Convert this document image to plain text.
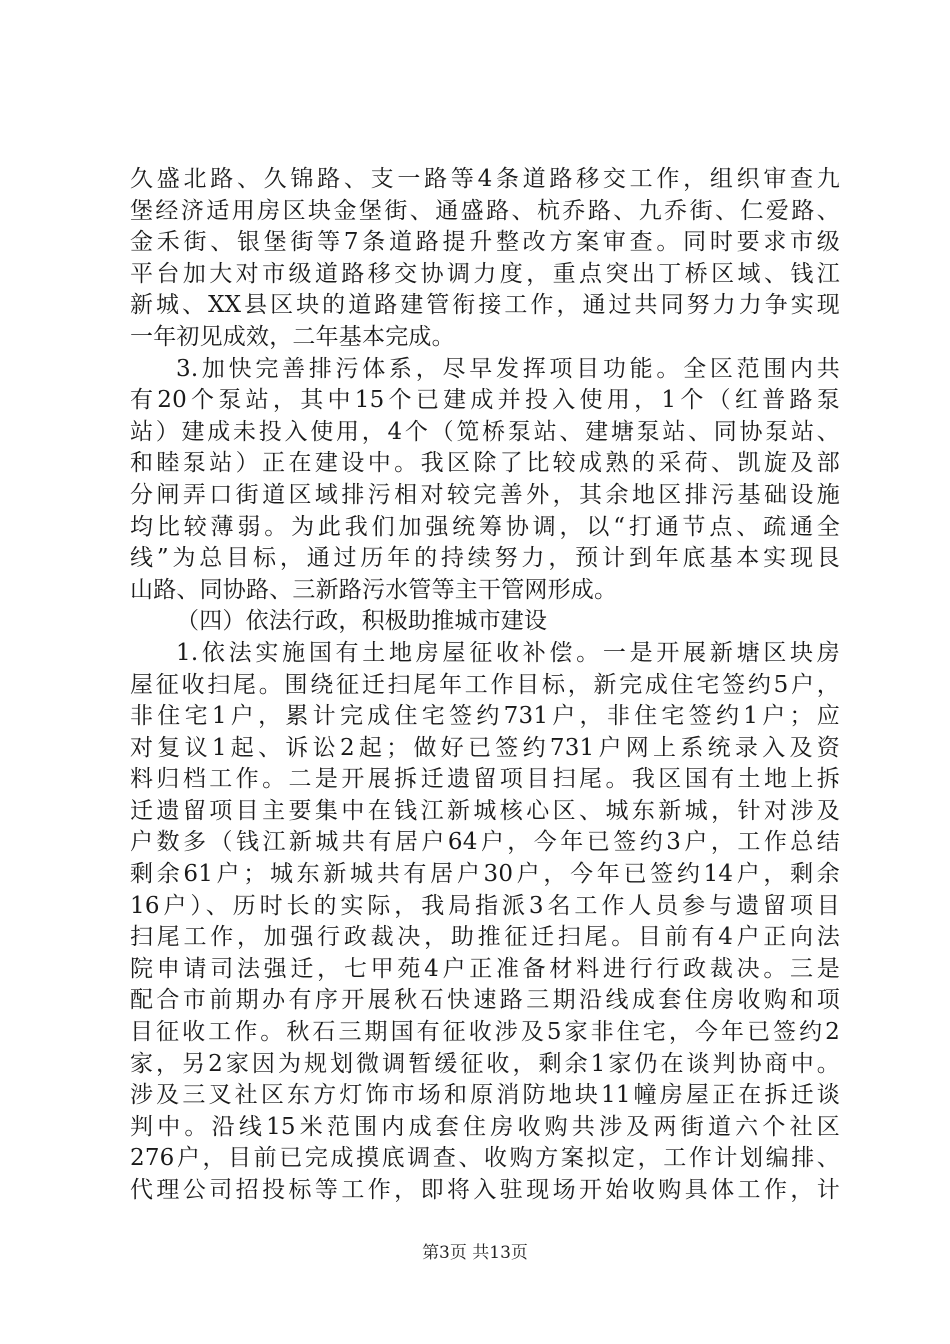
久盛北路、久锦路、支一路等4条道路移交工作，组织审查九
堡经济适用房区块金堡街、通盛路、杭乔路、九乔街、仁爱路、
金禾街、银堡街等7条道路提升整改方案审查。同时要求市级
平台加大对市级道路移交协调力度，重点突出丁桥区域、钱江
新城、XX县区块的道路建管衔接工作，通过共同努力力争实现
一年初见成效，二年基本完成。
3.加快完善排污体系，尽早发挥项目功能。全区范围内共
有20个泵站，其中15个已建成并投入使用，1个（红普路泵
站）建成未投入使用，4个（笕桥泵站、建塘泵站、同协泵站、
和睦泵站）正在建设中。我区除了比较成熟的采荷、凯旋及部
分闸弄口街道区域排污相对较完善外，其余地区排污基础设施
均比较薄弱。为此我们加强统筹协调，以“打通节点、疏通全
线”为总目标，通过历年的持续努力，预计到年底基本实现艮
山路、同协路、三新路污水管等主干管网形成。
（四）依法行政，积极助推城市建设
1.依法实施国有土地房屋征收补偿。一是开展新塘区块房
屋征收扫尾。围绕征迁扫尾年工作目标，新完成住宅签约5户，
非住宅1户，累计完成住宅签约731户，非住宅签约1户；应
对复议1起、诉讼2起；做好已签约731户网上系统录入及资
料归档工作。二是开展拆迁遗留项目扫尾。我区国有土地上拆
迁遗留项目主要集中在钱江新城核心区、城东新城，针对涉及
户数多（钱江新城共有居户64户，今年已签约3户，工作总结
剩余61户；城东新城共有居户30户，今年已签约14户，剩余
16户）、历时长的实际，我局指派3名工作人员参与遗留项目
扫尾工作，加强行政裁决，助推征迁扫尾。目前有4户正向法
院申请司法强迁，七甲苑4户正准备材料进行行政裁决。三是
配合市前期办有序开展秋石快速路三期沿线成套住房收购和项
目征收工作。秋石三期国有征收涉及5家非住宅，今年已签约2
家，另2家因为规划微调暂缓征收，剩余1家仍在谈判协商中。
涉及三叉社区东方灯饰市场和原消防地块11幢房屋正在拆迁谈
判中。沿线15米范围内成套住房收购共涉及两街道六个社区
276户，目前已完成摸底调查、收购方案拟定，工作计划编排、
代理公司招投标等工作，即将入驻现场开始收购具体工作，计
第3页 共13页
